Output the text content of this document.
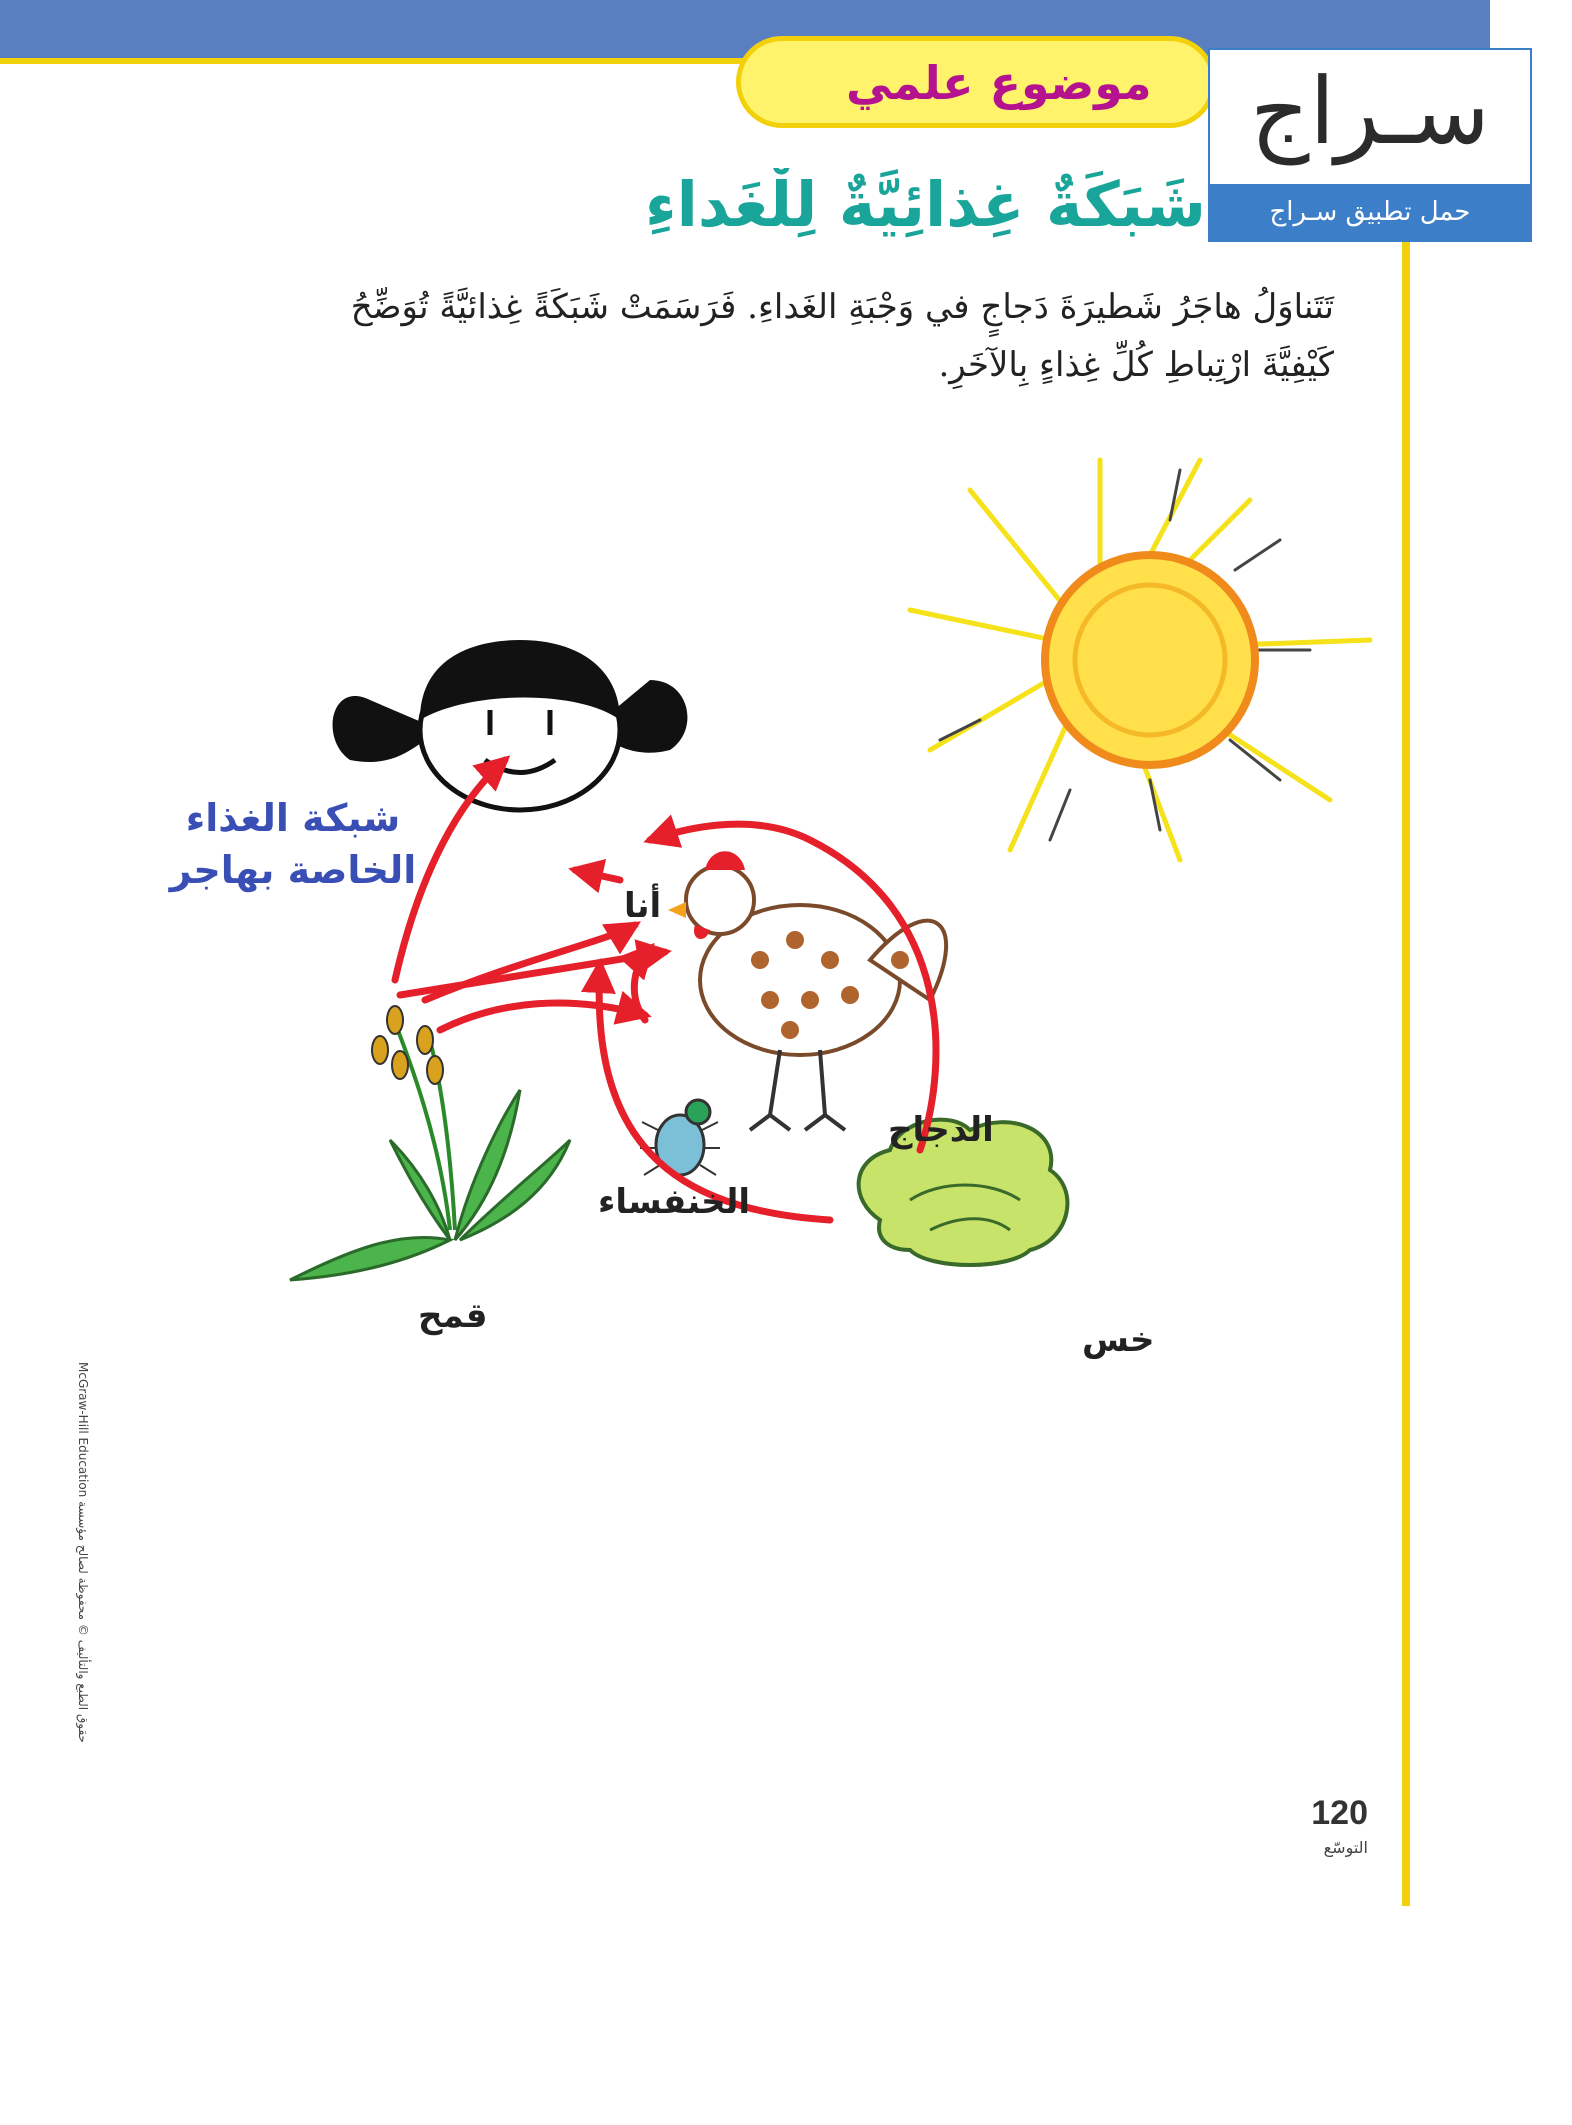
موضوع علمي	سـراج
حمل تطبيق سـراج
شَبَكَةٌ غِذائِيَّةٌ لِلْغَداءِ
تَتَناوَلُ هاجَرُ شَطيرَةَ دَجاجٍ في وَجْبَةِ الغَداءِ. فَرَسَمَتْ شَبَكَةً غِذائيَّةً تُوَضِّحُ كَيْفِيَّةَ ارْتِباطِ كُلِّ غِذاءٍ بِالآخَرِ.
شبكة الغذاء الخاصة بهاجر
أنا
الدجاج
الخنفساء
قمح
خس
McGraw-Hill Education حقوق الطبع والتأليف © محفوظة لصالح مؤسسة
120
التوسّع
